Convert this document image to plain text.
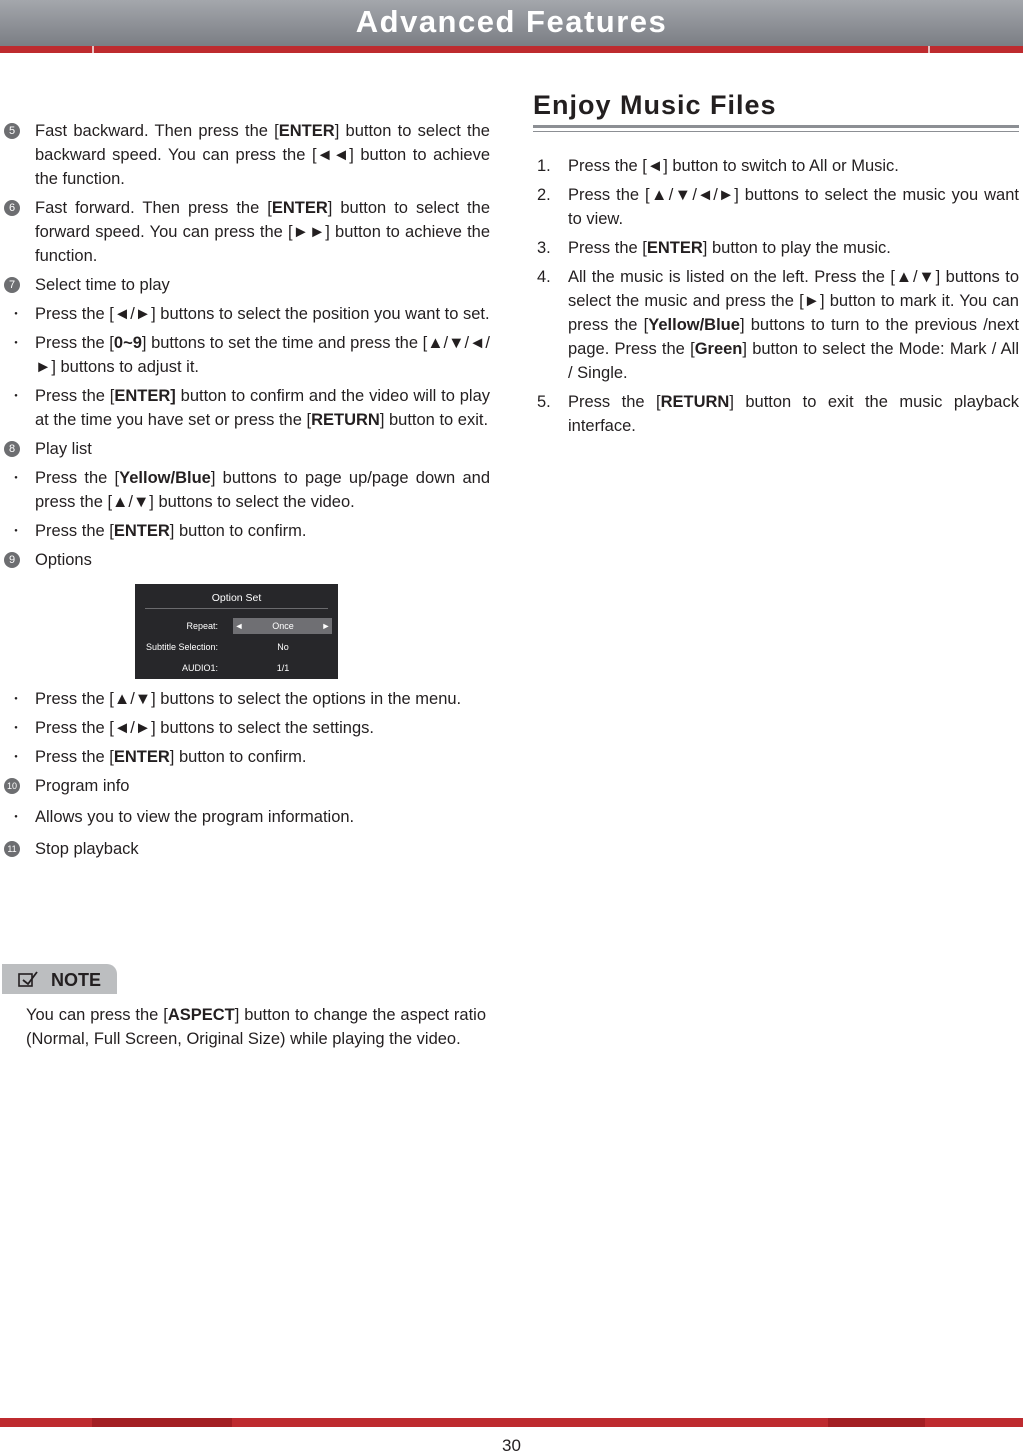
Advanced Features
5 Fast backward. Then press the [ENTER] button to select the backward speed. You can press the [◄◄] button to achieve the function.
6 Fast forward. Then press the [ENTER] button to select the forward speed. You can press the [►►] button to achieve the function.
7 Select time to play
・ Press the [◄/►] buttons to select the position you want to set.
・ Press the [0~9] buttons to set the time and press the [▲/▼/◄/►] buttons to adjust it.
・ Press the [ENTER] button to confirm and the video will to play at the time you have set or press the [RETURN] button to exit.
8 Play list
・ Press the [Yellow/Blue] buttons to page up/page down and press the [▲/▼] buttons to select the video.
・ Press the [ENTER] button to confirm.
9 Options
Option Set
◄	►
Repeat:	Once
Subtitle Selection:	No
AUDIO1:	1/1
・ Press the [▲/▼] buttons to select the options in the menu.
・ Press the [◄/►] buttons to select the settings.
・ Press the [ENTER] button to confirm.
10 Program info
・ Allows you to view the program information.
11 Stop playback
NOTE
You can press the [ASPECT] button to change the aspect ratio (Normal, Full Screen, Original Size) while playing the video.
Enjoy Music Files
1. Press the [◄] button to switch to All or Music.
2. Press the [▲/▼/◄/►] buttons to select the music you want to view.
3. Press the [ENTER] button to play the music.
4. All the music is listed on the left. Press the [▲/▼] buttons to select the music and press the [►] button to mark it. You can press the [Yellow/Blue] buttons to turn to the previous /next page. Press the [Green] button to select the Mode: Mark / All / Single.
5. Press the [RETURN] button to exit the music playback interface.
30
